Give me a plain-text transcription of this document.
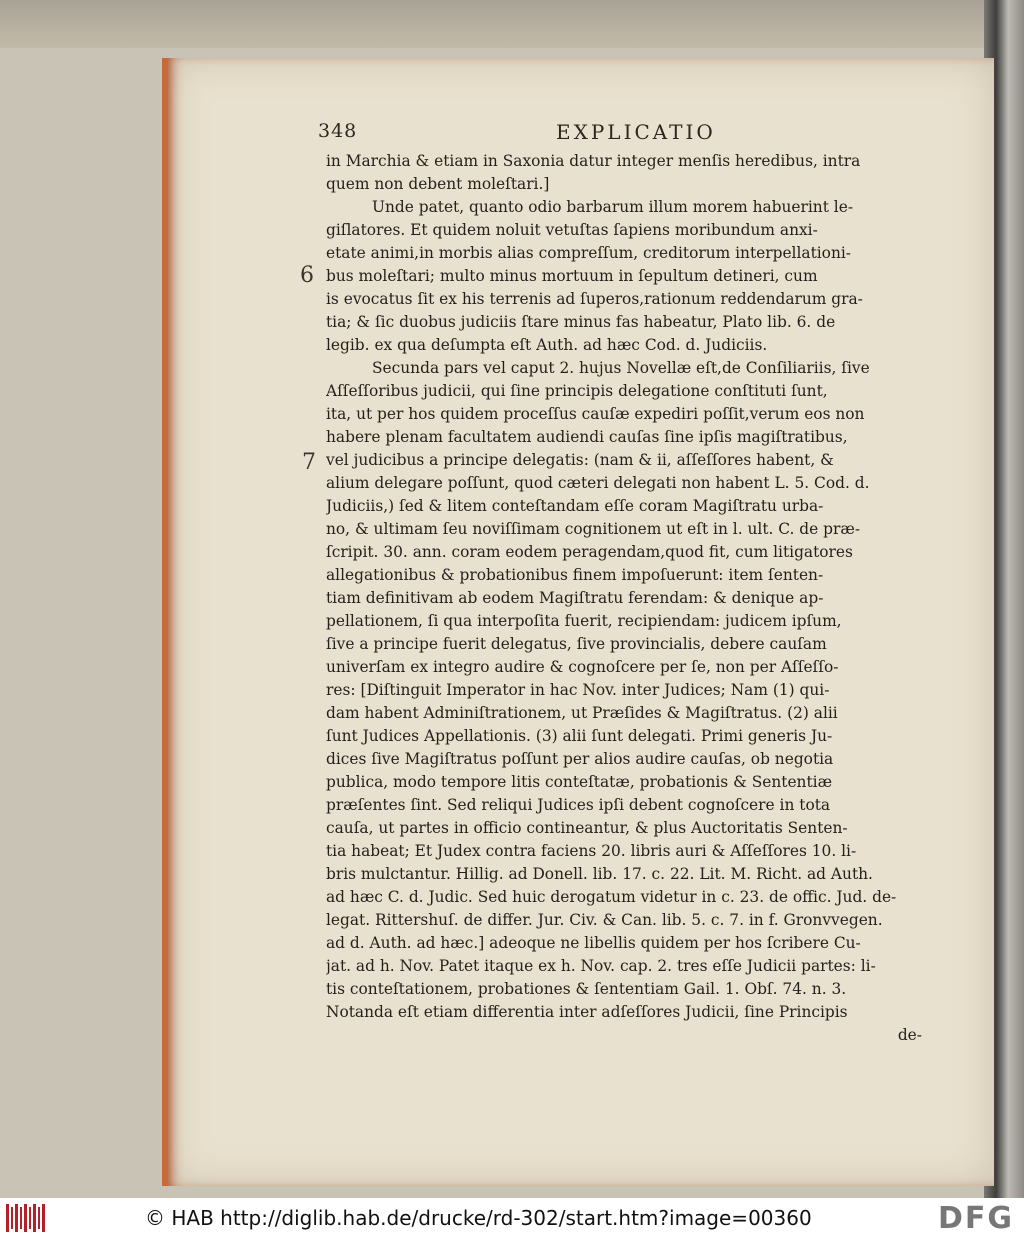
348	EXPLICATIO
6
7
in Marchia & etiam in Saxonia datur integer menſis heredibus, intra
quem non debent moleſtari.]
Unde patet, quanto odio barbarum illum morem habuerint le-
giſlatores. Et quidem noluit vetuſtas ſapiens moribundum anxi-
etate animi,in morbis alias compreſſum, creditorum interpellationi-
bus moleſtari; multo minus mortuum in ſepultum detineri, cum
is evocatus ſit ex his terrenis ad ſuperos,rationum reddendarum gra-
tia; & ſic duobus judiciis ſtare minus fas habeatur, Plato lib. 6. de
legib. ex qua deſumpta eſt Auth. ad hæc Cod. d. Judiciis.
Secunda pars vel caput 2. hujus Novellæ eſt,de Conſiliariis, ſive
Aſſeſſoribus judicii, qui ſine principis delegatione conſtituti ſunt,
ita, ut per hos quidem proceſſus cauſæ expediri poſſit,verum eos non
habere plenam facultatem audiendi cauſas ſine ipſis magiſtratibus,
vel judicibus a principe delegatis: (nam & ii, aſſeſſores habent, &
alium delegare poſſunt, quod cæteri delegati non habent L. 5. Cod. d.
Judiciis,) ſed & litem conteſtandam eſſe coram Magiſtratu urba-
no, & ultimam ſeu noviſſimam cognitionem ut eſt in l. ult. C. de præ-
ſcripit. 30. ann. coram eodem peragendam,quod fit, cum litigatores
allegationibus & probationibus finem impoſuerunt: item ſenten-
tiam definitivam ab eodem Magiſtratu ferendam: & denique ap-
pellationem, ſi qua interpoſita fuerit, recipiendam: judicem ipſum,
ſive a principe fuerit delegatus, ſive provincialis, debere cauſam
univerſam ex integro audire & cognoſcere per ſe, non per Aſſeſſo-
res: [Diſtinguit Imperator in hac Nov. inter Judices; Nam (1) qui-
dam habent Adminiſtrationem, ut Præſides & Magiſtratus. (2) alii
ſunt Judices Appellationis. (3) alii ſunt delegati. Primi generis Ju-
dices ſive Magiſtratus poſſunt per alios audire cauſas, ob negotia
publica, modo tempore litis conteſtatæ, probationis & Sententiæ
præſentes ſint. Sed reliqui Judices ipſi debent cognoſcere in tota
cauſa, ut partes in officio contineantur, & plus Auctoritatis Senten-
tia habeat; Et Judex contra faciens 20. libris auri & Aſſeſſores 10. li-
bris mulctantur. Hillig. ad Donell. lib. 17. c. 22. Lit. M. Richt. ad Auth.
ad hæc C. d. Judic. Sed huic derogatum videtur in c. 23. de offic. Jud. de-
legat. Rittershuſ. de differ. Jur. Civ. & Can. lib. 5. c. 7. in f. Gronvvegen.
ad d. Auth. ad hæc.] adeoque ne libellis quidem per hos ſcribere Cu-
jat. ad h. Nov. Patet itaque ex h. Nov. cap. 2. tres eſſe Judicii partes: li-
tis conteſtationem, probationes & ſententiam Gail. 1. Obſ. 74. n. 3.
Notanda eſt etiam differentia inter adſeſſores Judicii, ſine Principis
de-
© HAB http://diglib.hab.de/drucke/rd-302/start.htm?image=00360	DFG
